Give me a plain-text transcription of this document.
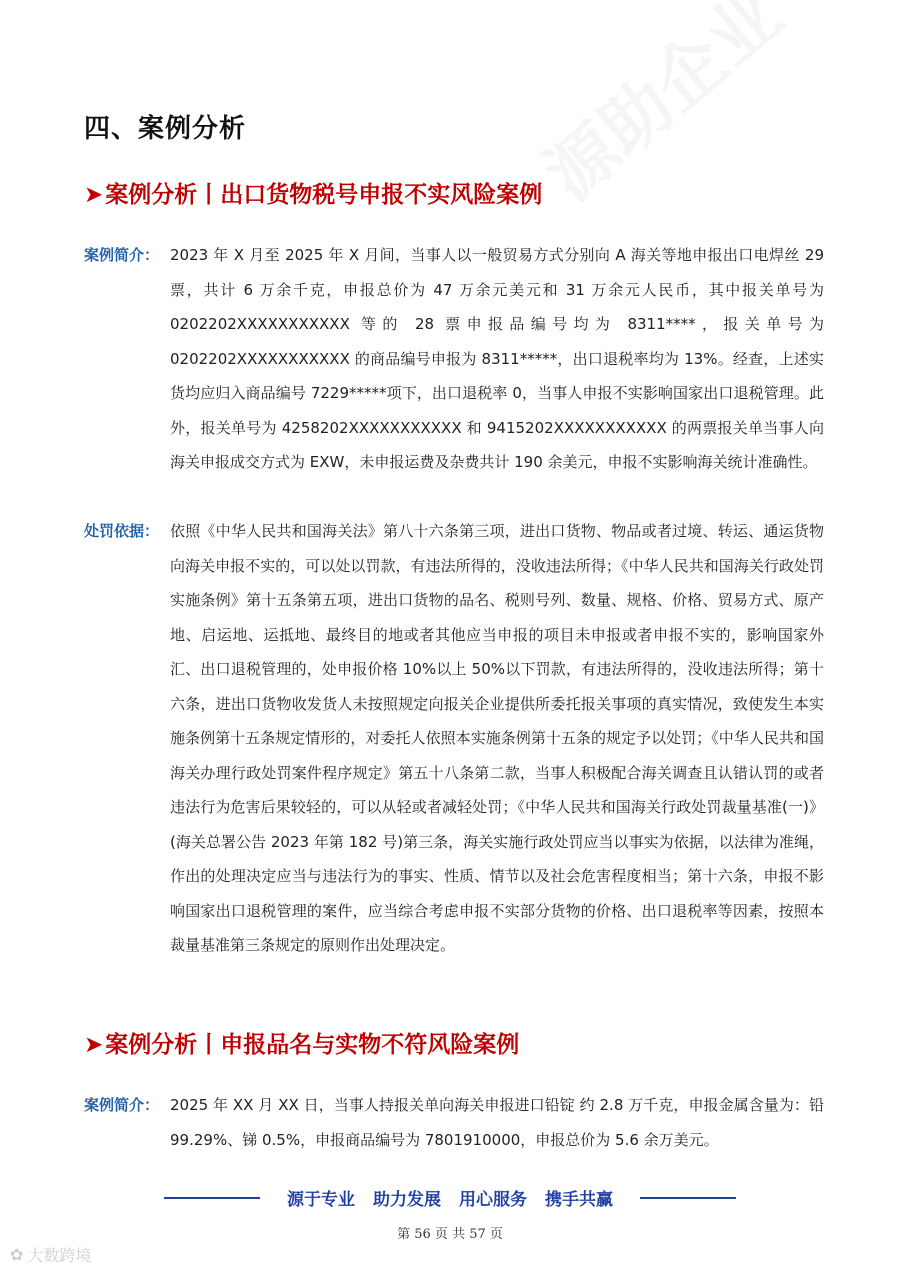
四、案例分析
➤案例分析丨出口货物税号申报不实风险案例
案例简介： 2023 年 X 月至 2025 年 X 月间，当事人以一般贸易方式分别向 A 海关等地申报出口电焊丝 29 票，共计 6 万余千克，申报总价为 47 万余元美元和 31 万余元人民币，其中报关单号为 0202202XXXXXXXXXXX 等的 28 票申报品编号均为 8311****，报关单号为 0202202XXXXXXXXXXX 的商品编号申报为 8311*****，出口退税率均为 13%。经查，上述实货均应归入商品编号 7229*****项下，出口退税率 0，当事人申报不实影响国家出口退税管理。此外，报关单号为 4258202XXXXXXXXXXX 和 9415202XXXXXXXXXXX 的两票报关单当事人向海关申报成交方式为 EXW，未申报运费及杂费共计 190 余美元，申报不实影响海关统计准确性。
处罚依据： 依照《中华人民共和国海关法》第八十六条第三项，进出口货物、物品或者过境、转运、通运货物向海关申报不实的，可以处以罚款，有违法所得的，没收违法所得；《中华人民共和国海关行政处罚实施条例》第十五条第五项，进出口货物的品名、税则号列、数量、规格、价格、贸易方式、原产地、启运地、运抵地、最终目的地或者其他应当申报的项目未申报或者申报不实的，影响国家外汇、出口退税管理的，处申报价格 10%以上 50%以下罚款，有违法所得的，没收违法所得；第十六条，进出口货物收发货人未按照规定向报关企业提供所委托报关事项的真实情况，致使发生本实施条例第十五条规定情形的，对委托人依照本实施条例第十五条的规定予以处罚；《中华人民共和国海关办理行政处罚案件程序规定》第五十八条第二款，当事人积极配合海关调查且认错认罚的或者违法行为危害后果较轻的，可以从轻或者减轻处罚；《中华人民共和国海关行政处罚裁量基准(一)》(海关总署公告 2023 年第 182 号)第三条，海关实施行政处罚应当以事实为依据，以法律为准绳，作出的处理决定应当与违法行为的事实、性质、情节以及社会危害程度相当；第十六条，申报不影响国家出口退税管理的案件，应当综合考虑申报不实部分货物的价格、出口退税率等因素，按照本裁量基准第三条规定的原则作出处理决定。
➤案例分析丨申报品名与实物不符风险案例
案例简介： 2025 年 XX 月 XX 日，当事人持报关单向海关申报进口铅锭 约 2.8 万千克，申报金属含量为：铅 99.29%、锑 0.5%，申报商品编号为 7801910000，申报总价为 5.6 余万美元。
源于专业 助力发展 用心服务 携手共赢
第 56 页 共 57 页
✿ 大数跨境
